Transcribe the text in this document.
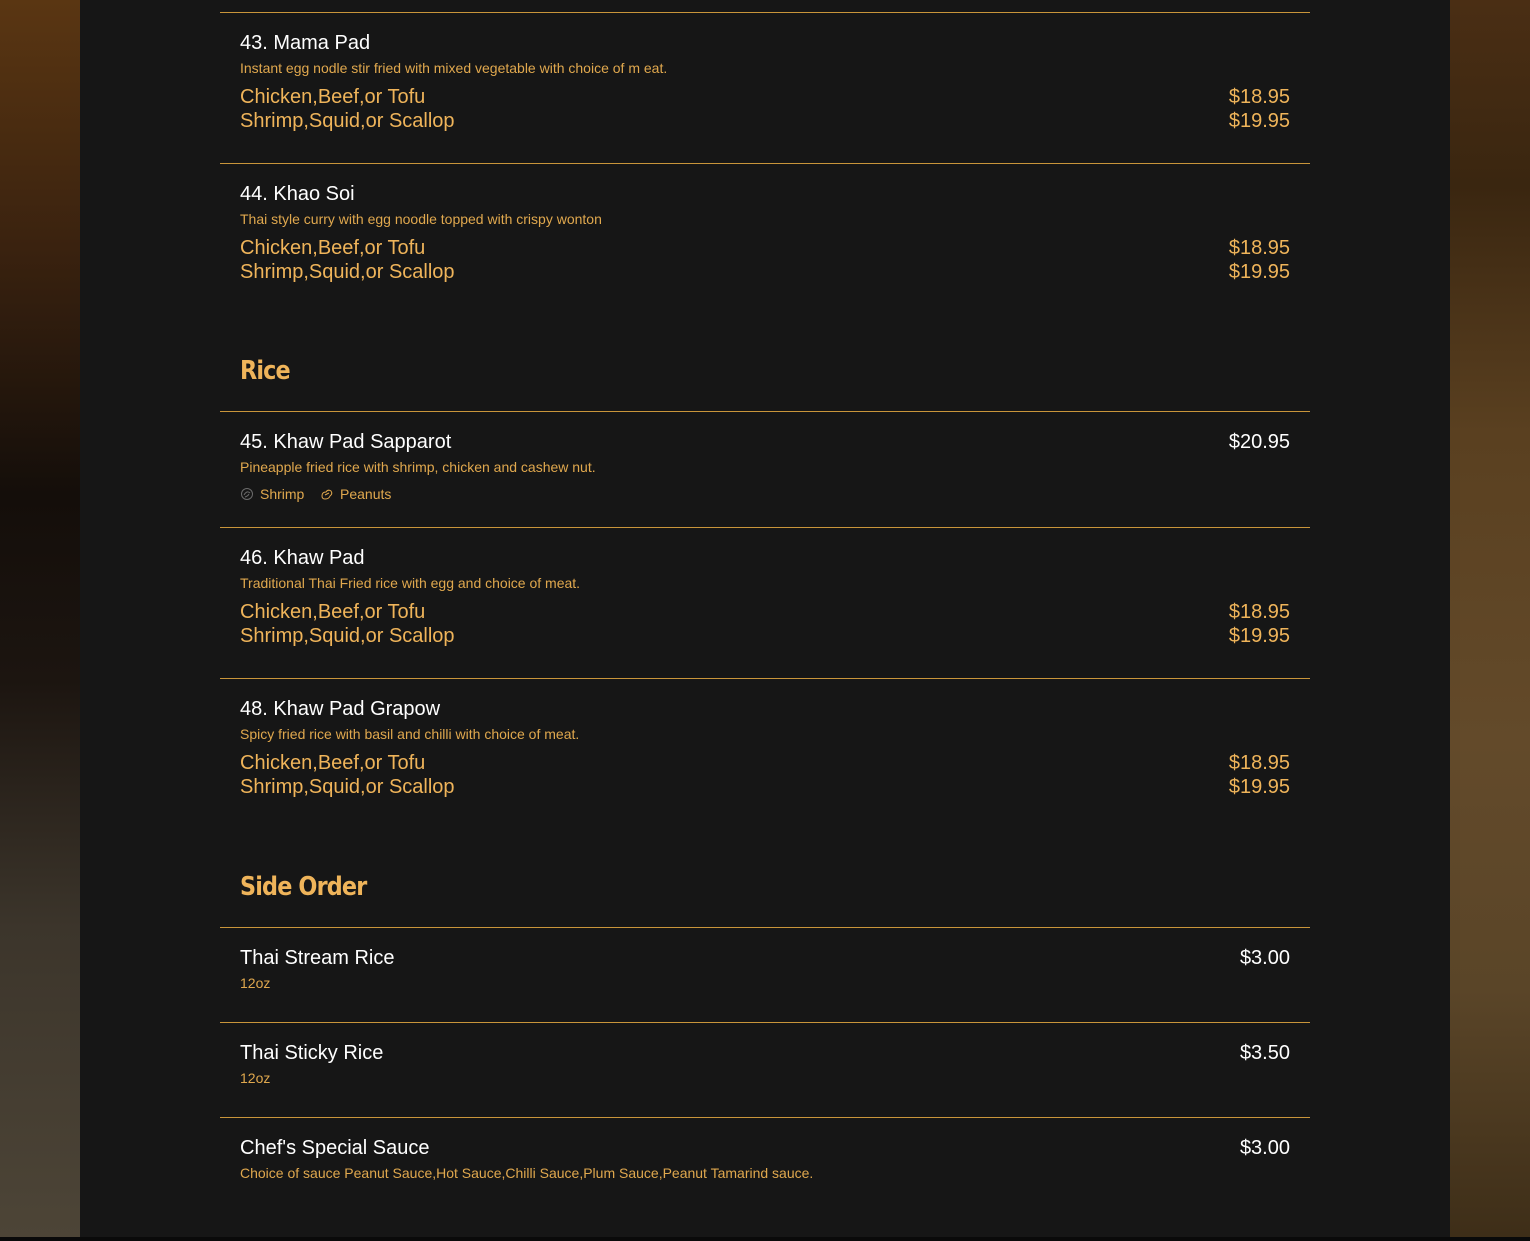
43. Mama Pad
Instant egg nodle stir fried with mixed vegetable with choice of m eat.
Chicken,Beef,or Tofu	$18.95
Shrimp,Squid,or Scallop	$19.95
44. Khao Soi
Thai style curry with egg noodle topped with crispy wonton
Chicken,Beef,or Tofu	$18.95
Shrimp,Squid,or Scallop	$19.95
Rice
45. Khaw Pad Sapparot	$20.95
Pineapple fried rice with shrimp, chicken and cashew nut.
Shrimp	Peanuts
46. Khaw Pad
Traditional Thai Fried rice with egg and choice of meat.
Chicken,Beef,or Tofu	$18.95
Shrimp,Squid,or Scallop	$19.95
48. Khaw Pad Grapow
Spicy fried rice with basil and chilli with choice of meat.
Chicken,Beef,or Tofu	$18.95
Shrimp,Squid,or Scallop	$19.95
Side Order
Thai Stream Rice	$3.00
12oz
Thai Sticky Rice	$3.50
12oz
Chef's Special Sauce	$3.00
Choice of sauce Peanut Sauce,Hot Sauce,Chilli Sauce,Plum Sauce,Peanut Tamarind sauce.
